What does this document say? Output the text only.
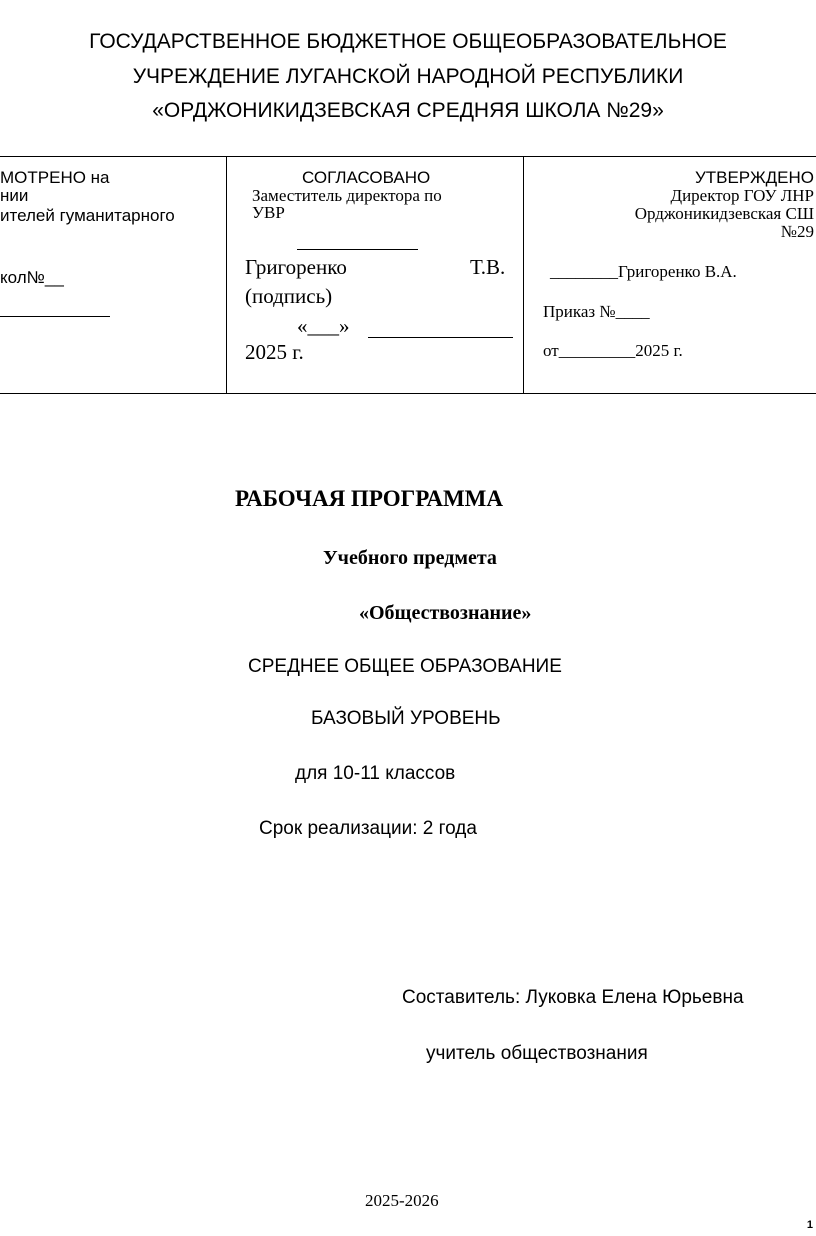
ГОСУДАРСТВЕННОЕ БЮДЖЕТНОЕ ОБЩЕОБРАЗОВАТЕЛЬНОЕ
УЧРЕЖДЕНИЕ ЛУГАНСКОЙ НАРОДНОЙ РЕСПУБЛИКИ
«ОРДЖОНИКИДЗЕВСКАЯ СРЕДНЯЯ ШКОЛА №29»
МОТРЕНО на
нии
ителей гуманитарного
кол№__
СОГЛАСОВАНО
Заместитель директора по
УВР
Григоренко	Т.В.
(подпись)
«___»
2025 г.
УТВЕРЖДЕНО
Директор ГОУ ЛНР
Орджоникидзевская СШ
№29
________Григоренко В.А.
Приказ №____
от_________2025 г.
РАБОЧАЯ ПРОГРАММА
Учебного предмета
«Обществознание»
СРЕДНЕЕ ОБЩЕЕ ОБРАЗОВАНИЕ
БАЗОВЫЙ УРОВЕНЬ
для 10-11 классов
Срок реализации: 2 года
Составитель: Луковка Елена Юрьевна
учитель обществознания
2025-2026
1
